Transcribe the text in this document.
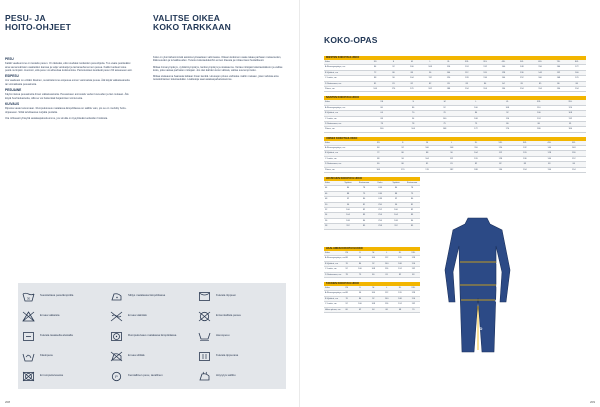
PESU- JA
HOITO-OHJEET
VALITSE OIKEA
KOKO TARKKAAN
PESU

Kaikki vaatteemme on testattu pesun. On tärkeää, että noudatat tuotteiden pesuohjeita. Tuo vaate pestäväksi aina samanväristen vaatteiden kanssa ja sulje vetoketjut ja tarranauhat ennen pesua. Kaikki tuotteet tulee pestä nurinpäin. Huomioi, että pesu voi aiheuttaa kutistumista. Painotuotteet kestävät pesun 60 asteeseen asti.

ESIPESU

Jos vaatteesi on erittäin likainen, suosittelemme esipesua ennen varsinaista pesua. Älä käytä valkaisuaineita tai voimakkaita pesuaineita.

PESUAINE

Käytä mietoa pesuainetta ilman valkaisuaineita. Pesuaineen annostelu veden kovuuden ja lian mukaan. Älä käytä huuhteluainetta, sillä se voi heikentää heijastinten toimivuutta.

KUIVAUS

Ripusta vaate kuivumaan. Rumpukuivaus matalassa lämpötilassa on sallittu vain, jos se on merkitty hoito-ohjeeseen. Silitä tarvittaessa nurjalta puolelta.

Ota rohkeasti yhteyttä asiakaspalveluumme, jos sinulla on kysyttävää tuotteiden hoidosta.

Koko on yksi tärkeimmistä asioista työvaatteen valinnassa. Oikean kokoinen vaate takaa parhaan mukavuuden, liikkuvuuden ja turvallisuuden. Tutustu kokotaulukoihin ennen tilausta ja mittaa itsesi huolellisesti.

Mittaa rinnanympärys, vyötärönympärys, lantionympärys ja sisäsauma. Vertaa mittojasi kokotaulukkoon ja valitse koko, joka vastaa parhaiten mittojasi. Jos olet kahden koon välissä, valitse suurempi koko.

Mittaa sisäsauma haarasta lattiaan ilman kenkiä. Housujen pituus vaihtelee mallin mukaan, joten tarkista aina tuotekohtainen kokotaulukko. Lisätietoja saat asiakaspalvelustamme.

30
Suositeltava pesulämpötila	Silitys matalassa lämpötilassa	Kuivata riippuen
Ei saa valkaista	Ei saa vääntää	Ei kemiallista pesua
Kuivata tasaisella alustalla	Rumpukuivaus matalassa lämpötilassa	Hienopesu
Käsinpesu	Ei saa silittää	Kuivata tippuvana
Ei rumpukuivausta	P	Kemiallinen pesu, tavallinen	Höyrytys sallittu
208	209
KOKO-OPAS
MIESTEN KOKOTAULUKKO
Koko	XS	S	M	L	XL	XXL	3XL	4XL	5XL	6XL	7XL	8XL
A Rinnanympärys, cm	84	92	100	108	116	124	132	140	148	156	164	172
B Vyötärö, cm	72	80	88	96	104	112	120	128	136	144	152	160
C Lantio, cm	88	96	104	112	120	128	136	144	152	160	168	176
D Sisäsauma, cm	81	81	82	82	83	83	84	84	85	85	86	86
Pituus, cm	164	170	176	182	188	194	194	194	194	194	194	194
NAISTEN KOKOTAULUKKO
Koko	XS	S	M	L	XL	XXL	3XL
A Rinnanympärys, cm	80	86	92	100	108	116	124
B Vyötärö, cm	64	70	76	84	92	100	108
C Lantio, cm	88	94	100	108	116	124	132
D Sisäsauma, cm	78	78	79	79	80	80	81
Pituus, cm	160	164	168	172	176	180	184
UNISEX KOKOTAULUKKO
Koko	XS	S	M	L	XL	XXL	3XL	4XL	5XL
A Rinnanympärys, cm	84	92	100	108	116	124	132	140	148
B Vyötärö, cm	72	80	88	96	104	112	120	128	136
C Lantio, cm	88	96	104	112	120	128	136	144	152
D Sisäsauma, cm	80	80	81	81	82	82	83	83	84
Pituus, cm	164	170	176	182	188	194	194	194	194
HOUSUJEN KOKOTAULUKKO
Koko	Vyötärö	Sisäsauma	Koko	Vyötärö	Sisäsauma
44	84	78	C44	84	78
46	88	79	C46	88	79
48	92	80	C48	92	80
50	96	81	C50	96	81
52	100	82	C52	100	82
54	104	83	C54	104	83
56	108	84	C56	108	84
58	112	85	C58	112	85
HAALARIEN KOKOTAULUKKO
Koko	XS	S	M	L	XL	XXL
A Rinnanympärys, cm	88	96	104	112	120	128
B Vyötärö, cm	76	84	92	100	108	116
C Lantio, cm	92	100	108	116	124	132
D Sisäsauma, cm	78	79	80	81	82	83
TAKKIEN KOKOTAULUKKO
Koko	XS	S	M	L	XL	XXL
A Rinnanympärys, cm	88	96	104	112	120	128
B Vyötärö, cm	76	84	92	100	108	116
C Lantio, cm	92	100	108	116	124	132
Hihan pituus, cm	60	62	64	66	68	70
A
B
C
D
